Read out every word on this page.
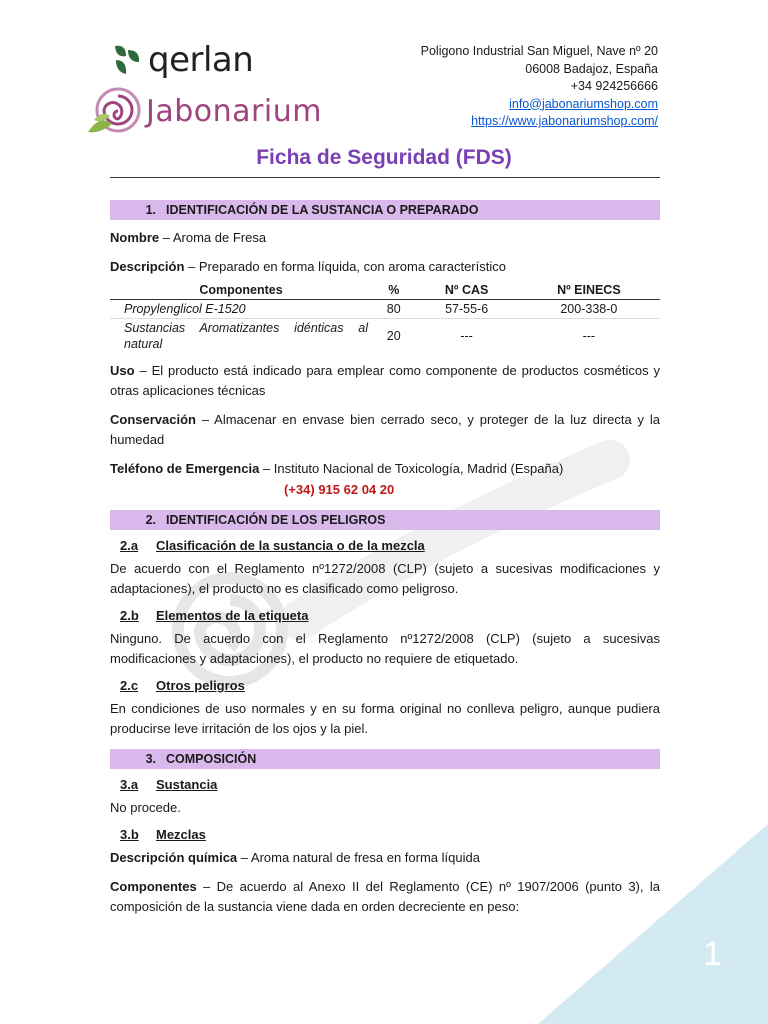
qerlan
Jabonarium
Poligono Industrial San Miguel, Nave nº 20
06008 Badajoz, España
+34 924256666
info@jabonariumshop.com
https://www.jabonariumshop.com/
Ficha de Seguridad (FDS)
1. IDENTIFICACIÓN DE LA SUSTANCIA O PREPARADO

Nombre – Aroma de Fresa

Descripción – Preparado en forma líquida, con aroma característico

Componentes	%	Nº CAS	Nº EINECS
Propylenglicol E-1520	80	57-55-6	200-338-0
Sustancias Aromatizantes idénticas al natural	20	---	---

Uso – El producto está indicado para emplear como componente de productos cosméticos y otras aplicaciones técnicas

Conservación – Almacenar en envase bien cerrado seco, y proteger de la luz directa y la humedad

Teléfono de Emergencia – Instituto Nacional de Toxicología, Madrid (España)

(+34) 915 62 04 20

2. IDENTIFICACIÓN DE LOS PELIGROS
2.a	Clasificación de la sustancia o de la mezcla

De acuerdo con el Reglamento nº1272/2008 (CLP) (sujeto a sucesivas modificaciones y adaptaciones), el producto no es clasificado como peligroso.

2.b	Elementos de la etiqueta

Ninguno. De acuerdo con el Reglamento nº1272/2008 (CLP) (sujeto a sucesivas modificaciones y adaptaciones), el producto no requiere de etiquetado.

2.c	Otros peligros

En condiciones de uso normales y en su forma original no conlleva peligro, aunque pudiera producirse leve irritación de los ojos y la piel.

3. COMPOSICIÓN
3.a	Sustancia

No procede.

3.b	Mezclas

Descripción química – Aroma natural de fresa en forma líquida

Componentes – De acuerdo al Anexo II del Reglamento (CE) nº 1907/2006 (punto 3), la composición de la sustancia viene dada en orden decreciente en peso:

1
